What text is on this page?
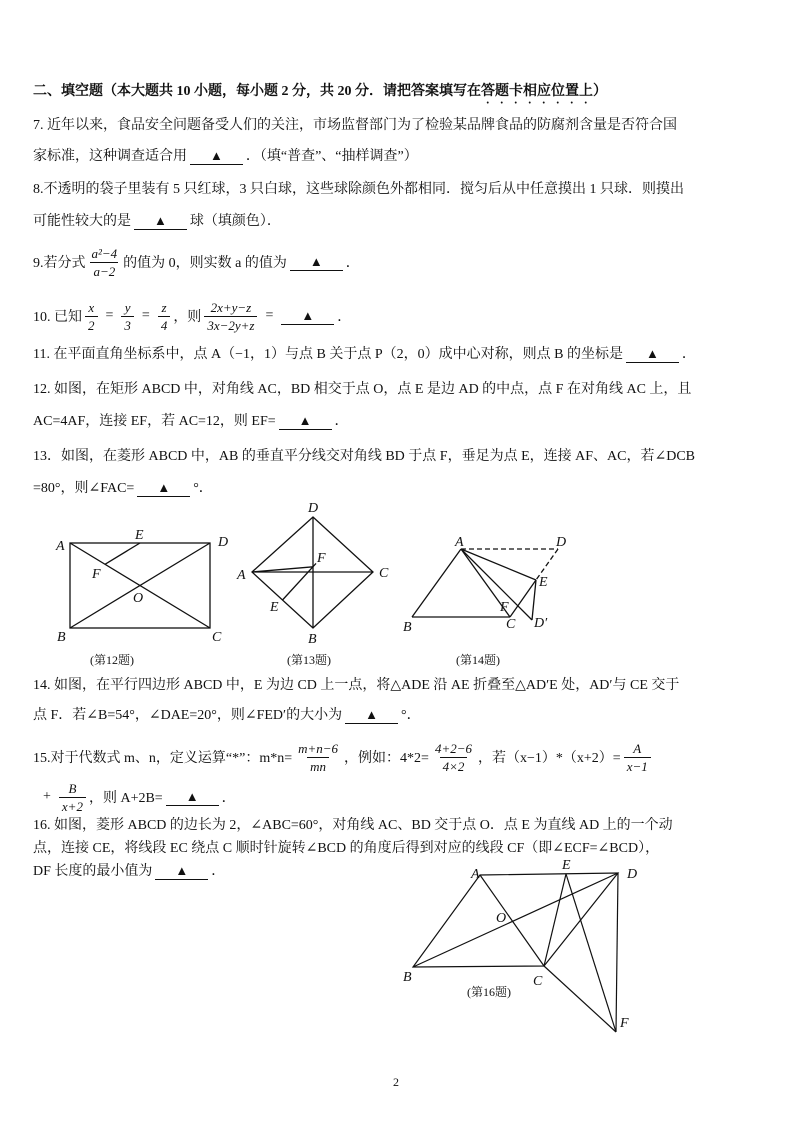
二、填空题（本大题共 10 小题，每小题 2 分，共 20 分．请把答案填写在答题卡相应位置上）
7. 近年以来，食品安全问题备受人们的关注，市场监督部门为了检验某品牌食品的防腐剂含量是否符合国
家标准，这种调查适合用 ▲ ．（填“普查”、“抽样调查”）
8.不透明的袋子里装有 5 只红球，3 只白球，这些球除颜色外都相同．搅匀后从中任意摸出 1 只球．则摸出
可能性较大的是 ▲ 球（填颜色）．
9.若分式 $\frac{\text{a²−4}}{a-2}$ 的值为 0，则实数 a 的值为	▲	．
10. 已知 $\frac{x}{2} = \frac{y}{3} = \frac{z}{4}$ ，则 $\frac{2x+y-z}{3x-2y+z}$ =	▲	．
11. 在平面直角坐标系中，点 A（−1，1）与点 B 关于点 P（2，0）成中心对称，则点 B 的坐标是 ▲ ．
12. 如图，在矩形 ABCD 中，对角线 AC，BD 相交于点 O，点 E 是边 AD 的中点，点 F 在对角线 AC 上，且
AC=4AF，连接 EF，若 AC=12，则 EF= ▲ ．
13．如图，在菱形 ABCD 中，AB 的垂直平分线交对角线 BD 于点 F，垂足为点 E，连接 AF、AC，若∠DCB
=80°，则∠FAC= ▲ °．
14. 如图，在平行四边形 ABCD 中，E 为边 CD 上一点，将△ADE 沿 AE 折叠至△AD′E 处，AD′与 CE 交于
点 F．若∠B=54°，∠DAE=20°，则∠FED′的大小为 ▲ °．
15.对于代数式 m、n，定义运算“*”：$m*n= \frac{m+n-6}{mn}$ ，例如：$4*2= \frac{4+2-6}{4\times 2}$ ，若$(x-1)*(x+2)= \frac{A}{x-1}$
+ $\frac{B}{x+2}$ ，则 A+2B=	▲	．
16. 如图，菱形 ABCD 的边长为 2，∠ABC=60°，对角线 AC、BD 交于点 O．点 E 为直线 AD 上的一个动
点，连接 CE，将线段 EC 绕点 C 顺时针旋转∠BCD 的角度后得到对应的线段 CF（即∠ECF=∠BCD），
DF 长度的最小值为 ▲ ．
A	D
B	C
E
F
O
(第12题)
D
A	C
B
E
F
(第13题)
A	D
E
F
B	C D′
(第14题)
A
E
D
O
B	C
F
(第16题)
2
